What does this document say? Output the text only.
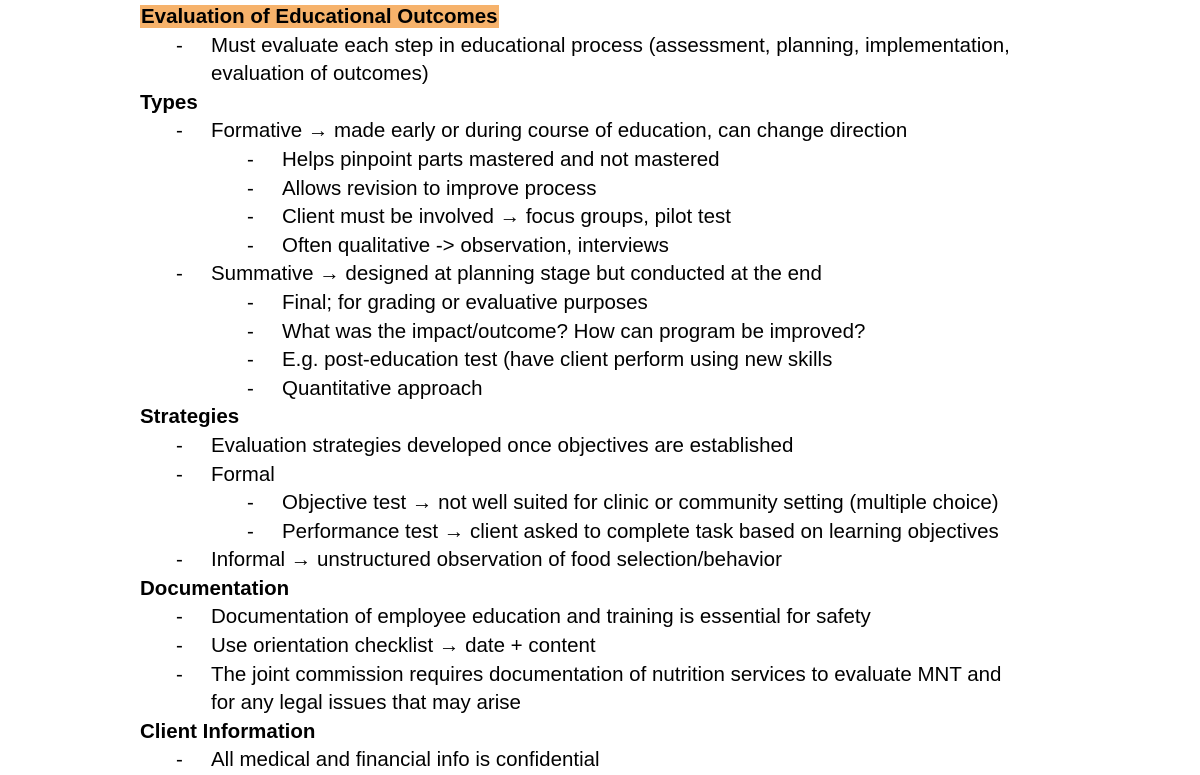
Evaluation of Educational Outcomes
- Must evaluate each step in educational process (assessment, planning, implementation,
evaluation of outcomes)
Types
- Formative → made early or during course of education, can change direction
- Helps pinpoint parts mastered and not mastered
- Allows revision to improve process
- Client must be involved → focus groups, pilot test
- Often qualitative -> observation, interviews
- Summative → designed at planning stage but conducted at the end
- Final; for grading or evaluative purposes
- What was the impact/outcome? How can program be improved?
- E.g. post-education test (have client perform using new skills
- Quantitative approach
Strategies
- Evaluation strategies developed once objectives are established
- Formal
- Objective test → not well suited for clinic or community setting (multiple choice)
- Performance test → client asked to complete task based on learning objectives
- Informal → unstructured observation of food selection/behavior
Documentation
- Documentation of employee education and training is essential for safety
- Use orientation checklist → date + content
- The joint commission requires documentation of nutrition services to evaluate MNT and
for any legal issues that may arise
Client Information
- All medical and financial info is confidential
